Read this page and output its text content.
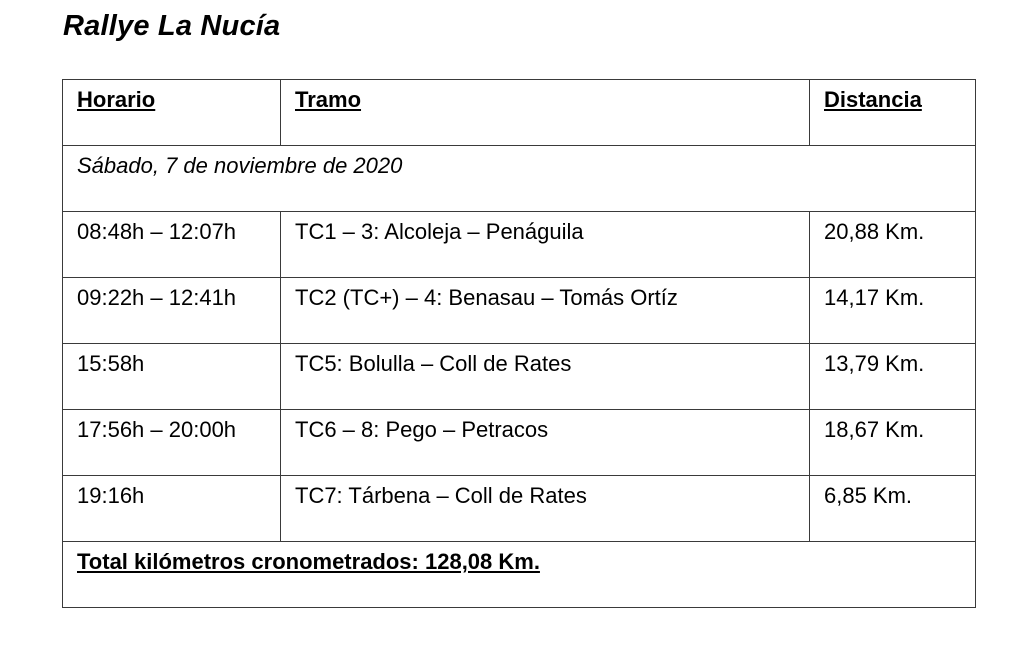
Rallye La Nucía
Horario	Tramo	Distancia
Sábado, 7 de noviembre de 2020		
08:48h – 12:07h	TC1 – 3: Alcoleja – Penáguila	20,88 Km.
09:22h – 12:41h	TC2 (TC+) – 4: Benasau – Tomás Ortíz	14,17 Km.
15:58h	TC5: Bolulla – Coll de Rates	13,79 Km.
17:56h – 20:00h	TC6 – 8: Pego – Petracos	18,67 Km.
19:16h	TC7: Tárbena – Coll de Rates	6,85 Km.
Total kilómetros cronometrados: 128,08 Km.		
